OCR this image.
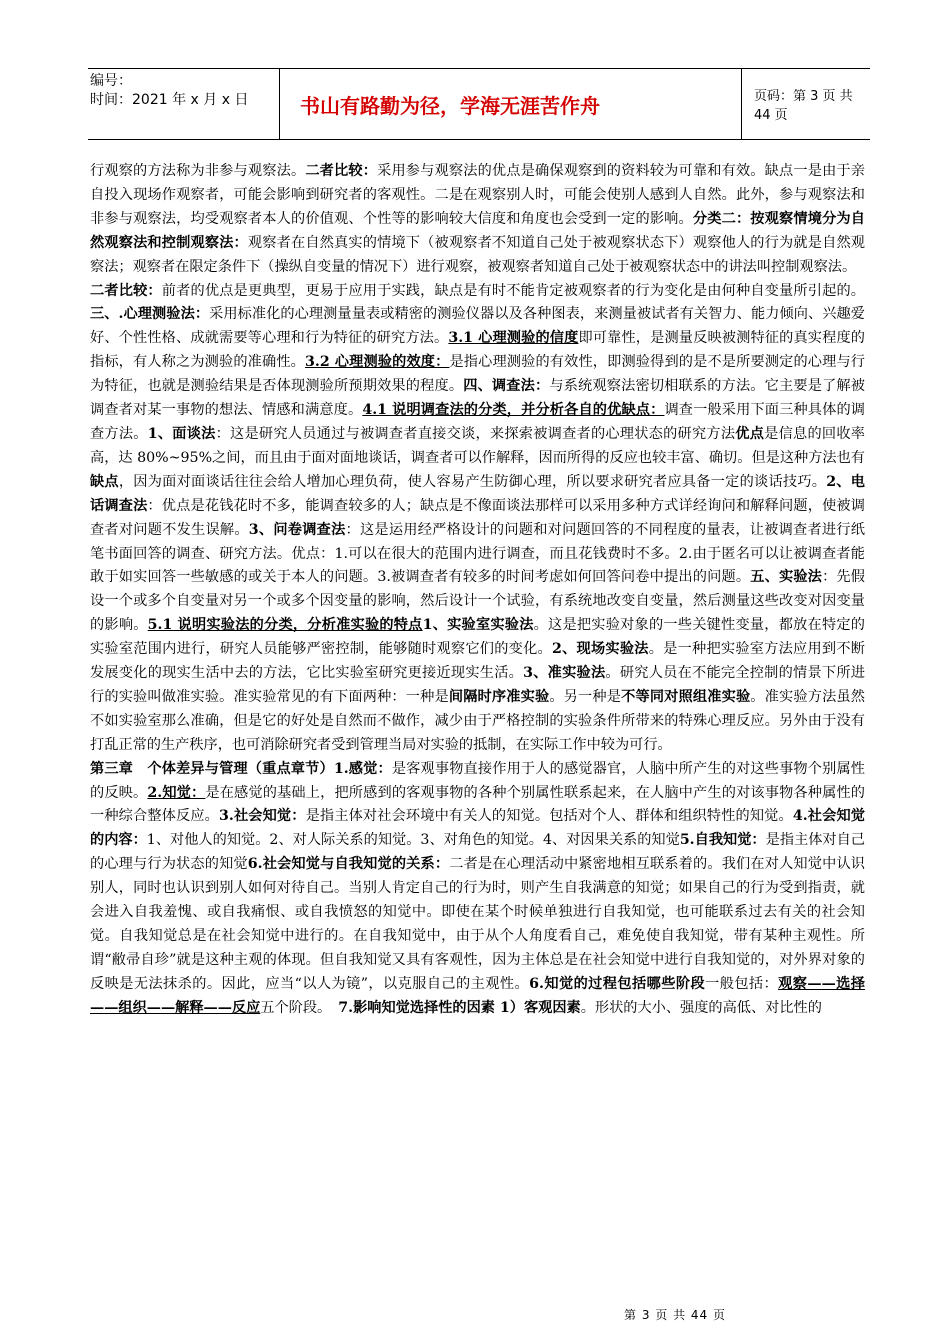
编号：
时间：2021 年 x 月 x 日	书山有路勤为径，学海无涯苦作舟	页码：第 3 页 共 44 页

行观察的方法称为非参与观察法。二者比较：采用参与观察法的优点是确保观察到的资料较为可靠和有效。缺点一是由于亲自投入现场作观察者，可能会影响到研究者的客观性。二是在观察别人时，可能会使别人感到人自然。此外，参与观察法和非参与观察法，均受观察者本人的价值观、个性等的影响较大信度和角度也会受到一定的影响。分类二：按观察情境分为自然观察法和控制观察法：观察者在自然真实的情境下（被观察者不知道自己处于被观察状态下）观察他人的行为就是自然观察法；观察者在限定条件下（操纵自变量的情况下）进行观察，被观察者知道自己处于被观察状态中的讲法叫控制观察法。
二者比较：前者的优点是更典型，更易于应用于实践，缺点是有时不能肯定被观察者的行为变化是由何种自变量所引起的。三、.心理测验法：采用标准化的心理测量量表或精密的测验仪器以及各种图表，来测量被试者有关智力、能力倾向、兴趣爱好、个性性格、成就需要等心理和行为特征的研究方法。3.1 心理测验的信度即可靠性，是测量反映被测特征的真实程度的指标，有人称之为测验的准确性。3.2 心理测验的效度：是指心理测验的有效性，即测验得到的是不是所要测定的心理与行为特征，也就是测验结果是否体现测验所预期效果的程度。四、调查法：与系统观察法密切相联系的方法。它主要是了解被调查者对某一事物的想法、情感和满意度。4.1 说明调查法的分类，并分析各自的优缺点：调查一般采用下面三种具体的调查方法。1、面谈法：这是研究人员通过与被调查者直接交谈，来探索被调查者的心理状态的研究方法优点是信息的回收率高，达 80%~95%之间，而且由于面对面地谈话，调查者可以作解释，因而所得的反应也较丰富、确切。但是这种方法也有缺点，因为面对面谈话往往会给人增加心理负荷，使人容易产生防御心理，所以要求研究者应具备一定的谈话技巧。2、电话调查法：优点是花钱花时不多，能调查较多的人；缺点是不像面谈法那样可以采用多种方式详经询问和解释问题，使被调查者对问题不发生误解。3、问卷调查法：这是运用经严格设计的问题和对问题回答的不同程度的量表，让被调查者进行纸笔书面回答的调查、研究方法。优点：1.可以在很大的范围内进行调查，而且花钱费时不多。2.由于匿名可以让被调查者能敢于如实回答一些敏感的或关于本人的问题。3.被调查者有较多的时间考虑如何回答问卷中提出的问题。五、实验法：先假设一个或多个自变量对另一个或多个因变量的影响，然后设计一个试验，有系统地改变自变量，然后测量这些改变对因变量的影响。5.1 说明实验法的分类，分析准实验的特点1、实验室实验法。这是把实验对象的一些关键性变量，都放在特定的实验室范围内进行，研究人员能够严密控制，能够随时观察它们的变化。2、现场实验法。是一种把实验室方法应用到不断发展变化的现实生活中去的方法，它比实验室研究更接近现实生活。3、准实验法。研究人员在不能完全控制的情景下所进行的实验叫做准实验。准实验常见的有下面两种：一种是间隔时序准实验。另一种是不等同对照组准实验。准实验方法虽然不如实验室那么准确，但是它的好处是自然而不做作，减少由于严格控制的实验条件所带来的特殊心理反应。另外由于没有打乱正常的生产秩序，也可消除研究者受到管理当局对实验的抵制，在实际工作中较为可行。

第三章　个体差异与管理（重点章节）1.感觉：是客观事物直接作用于人的感觉器官，人脑中所产生的对这些事物个别属性的反映。2.知觉：是在感觉的基础上，把所感到的客观事物的各种个别属性联系起来，在人脑中产生的对该事物各种属性的一种综合整体反应。3.社会知觉：是指主体对社会环境中有关人的知觉。包括对个人、群体和组织特性的知觉。4.社会知觉的内容：1、对他人的知觉。2、对人际关系的知觉。3、对角色的知觉。4、对因果关系的知觉5.自我知觉：是指主体对自己的心理与行为状态的知觉6.社会知觉与自我知觉的关系：二者是在心理活动中紧密地相互联系着的。我们在对人知觉中认识别人，同时也认识到别人如何对待自己。当别人肯定自己的行为时，则产生自我满意的知觉；如果自己的行为受到指责，就会进入自我羞愧、或自我痛恨、或自我愤怒的知觉中。即使在某个时候单独进行自我知觉，也可能联系过去有关的社会知觉。自我知觉总是在社会知觉中进行的。在自我知觉中，由于从个人角度看自己，难免使自我知觉，带有某种主观性。所谓“敝帚自珍”就是这种主观的体现。但自我知觉又具有客观性，因为主体总是在社会知觉中进行自我知觉的，对外界对象的反映是无法抹杀的。因此，应当“以人为镜”，以克服自己的主观性。6.知觉的过程包括哪些阶段一般包括：观察——选择——组织——解释——反应五个阶段。　7.影响知觉选择性的因素 1）客观因素。形状的大小、强度的高低、对比性的

第 3 页 共 44 页
